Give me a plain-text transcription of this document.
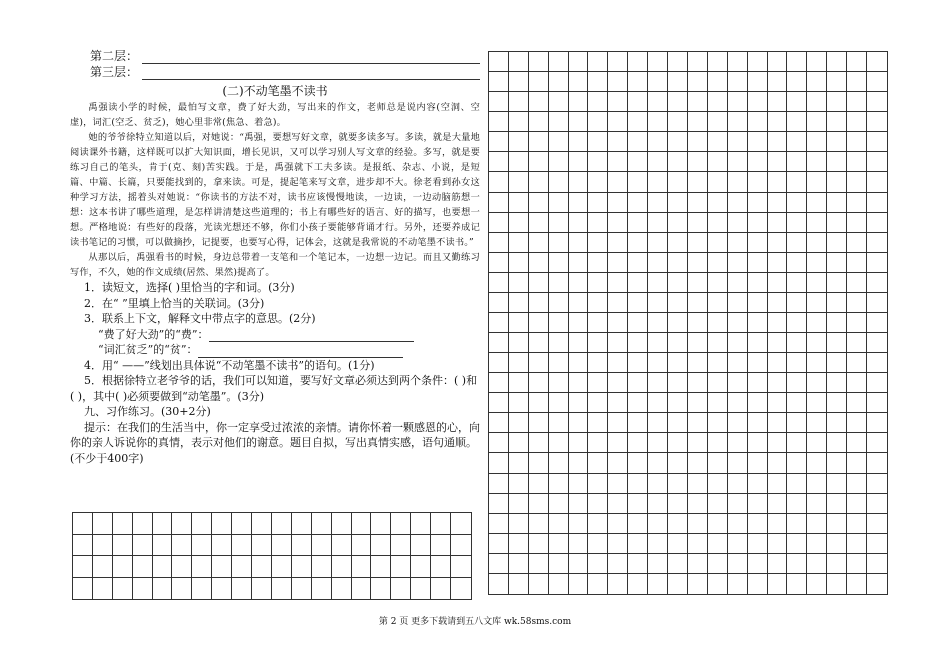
第二层：
第三层：
(二)不动笔墨不读书

禹强读小学的时候，最怕写文章，费了好大劲，写出来的作文，老师总是说内容(空洞、空虚)，词汇(空乏、贫乏)，她心里非常(焦急、着急)。

她的爷爷徐特立知道以后，对她说：“禹强，要想写好文章，就要多读多写。多读，就是大量地阅读课外书籍，这样既可以扩大知识面，增长见识，又可以学习别人写文章的经验。多写，就是要练习自己的笔头，肯于(克、刻)苦实践。于是，禹强就下工夫多读。是报纸、杂志、小说，是短篇、中篇、长篇，只要能找到的，拿来读。可是，提起笔来写文章，进步却不大。徐老看到孙女这种学习方法，摇着头对她说：“你读书的方法不对，读书应该慢慢地读，一边读，一边动脑筋想一想：这本书讲了哪些道理，是怎样讲清楚这些道理的；书上有哪些好的语言、好的描写，也要想一想。严格地说：有些好的段落，光读光想还不够，你们小孩子要能够背诵才行。另外，还要养成记读书笔记的习惯，可以做摘抄，记提要，也要写心得，记体会，这就是我常说的不动笔墨不读书。”

从那以后，禹强看书的时候，身边总带着一支笔和一个笔记本，一边想一边记。而且又勤练习写作，不久，她的作文成绩(居然、果然)提高了。

1．读短文，选择( )里恰当的字和词。(3分)

2．在“ ”里填上恰当的关联词。(3分)

3．联系上下文，解释文中带点字的意思。(2分)

“费了好大劲”的“费”：

“词汇贫乏”的“贫”：

4．用“ ——”线划出具体说“不动笔墨不读书”的语句。(1分)

5．根据徐特立老爷爷的话，我们可以知道，要写好文章必须达到两个条件：( )和( )，其中( )必须要做到“动笔墨”。(3分)

九、习作练习。(30+2分)

提示：在我们的生活当中，你一定享受过浓浓的亲情。请你怀着一颗感恩的心，向你的亲人诉说你的真情，表示对他们的谢意。题目自拟，写出真情实感，语句通顺。(不少于400字)

第 2 页 更多下载请到五八文库 wk.58sms.com
